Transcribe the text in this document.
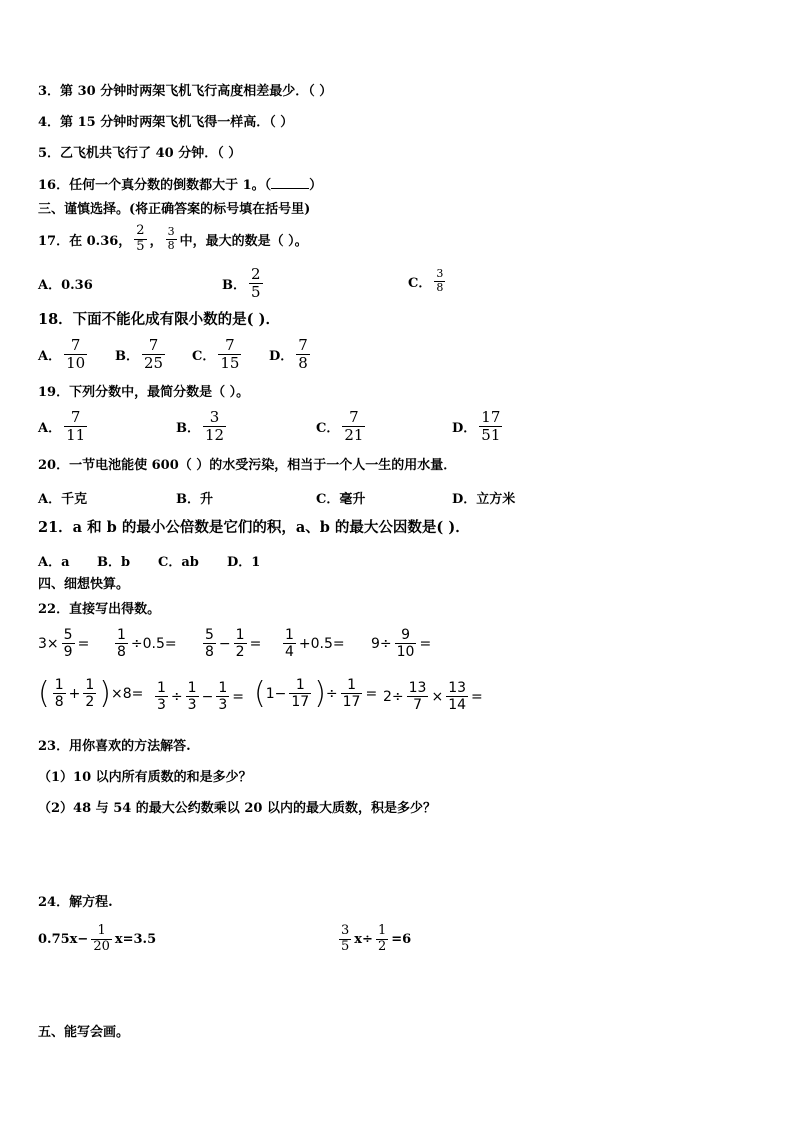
3．第 30 分钟时两架飞机飞行高度相差最少．（ ）
4．第 15 分钟时两架飞机飞得一样高．（ ）
5．乙飞机共飞行了 40 分钟．（ ）
16．任何一个真分数的倒数都大于 1。（	）
三、谨慎选择。(将正确答案的标号填在括号里)
17．在 0.36， $\frac{2}{5}$ ， $\frac{3}{8}$ 中，最大的数是（ ）。
A．0.36	B． $\frac{2}{5}$	C． $\frac{3}{8}$
18．下面不能化成有限小数的是( )．
A． $\frac{7}{10}$ B． $\frac{7}{25}$ C． $\frac{7}{15}$ D． $\frac{7}{8}$
19．下列分数中，最简分数是（ ）。
A． $\frac{7}{11}$	B． $\frac{3}{12}$	C． $\frac{7}{21}$	D． $\frac{17}{51}$
20．一节电池能使 600（ ）的水受污染，相当于一个人一生的用水量．
A．千克	B．升	C．毫升	D．立方米
21．a 和 b 的最小公倍数是它们的积，a、b 的最大公因数是( )．
A．a B．b C．ab D．1
四、细想快算。
22．直接写出得数。
$3\times \frac{5}{9} = \frac{1}{8} \div 0.5= \frac{5}{8} - \frac{1}{2} = \frac{1}{4} +0.5= 9\div \frac{9}{10}$ =
( $\frac{1}{8} + \frac{1}{2}$ ) $\times 8= \frac{1}{3} \div \frac{1}{3} - \frac{1}{3}$ = ( $1- \frac{1}{17}$ ) ÷ $\frac{1}{17} = 2\div \frac{13}{7} \times \frac{13}{14}$ =
23．用你喜欢的方法解答.
（1）10 以内所有质数的和是多少？
（2）48 与 54 的最大公约数乘以 20 以内的最大质数，积是多少？
24．解方程.
$0.75x- \frac{1}{20} x=3.5$	$\frac{3}{5} x\div \frac{1}{2} =6$
五、能写会画。
